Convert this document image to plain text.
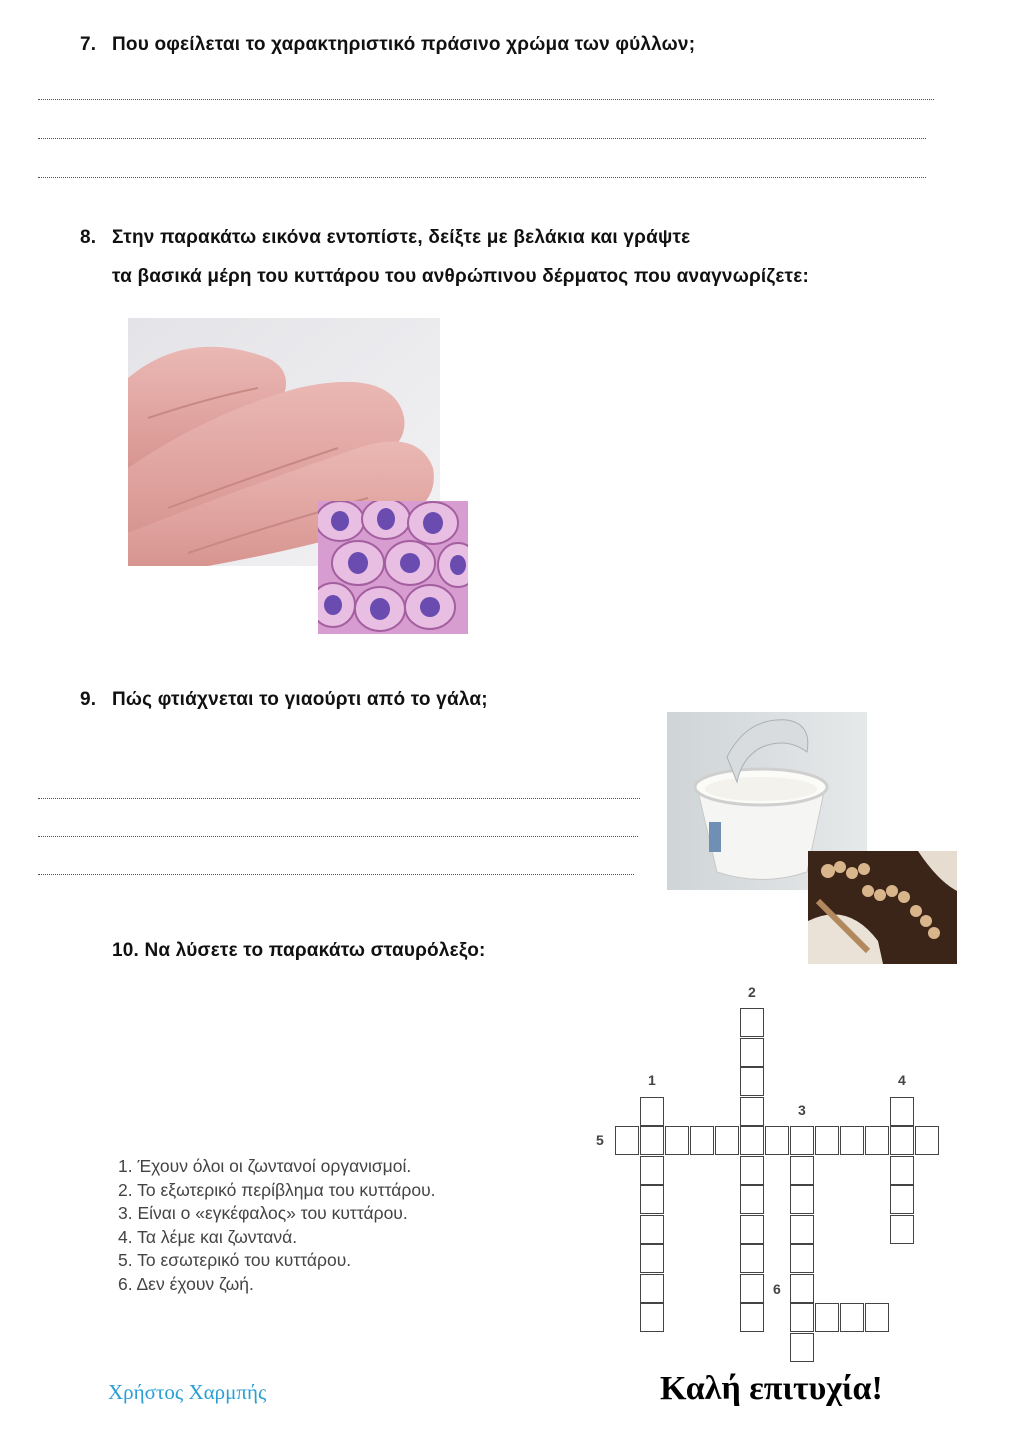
7. Που οφείλεται το χαρακτηριστικό πράσινο χρώμα των φύλλων;
8. Στην παρακάτω εικόνα εντοπίστε, δείξτε με βελάκια και γράψτε
τα βασικά μέρη του κυττάρου του ανθρώπινου δέρματος που αναγνωρίζετε:
9. Πώς φτιάχνεται το γιαούρτι από το γάλα;
10. Να λύσετε το παρακάτω σταυρόλεξο:
1. Έχουν όλοι οι ζωντανοί οργανισμοί.
2. Το εξωτερικό περίβλημα του κυττάρου.
3. Είναι ο «εγκέφαλος» του κυττάρου.
4. Τα λέμε και ζωντανά.
5. Το εσωτερικό του κυττάρου.
6. Δεν έχουν ζωή.
2
1	4
3
5
6
Χρήστος Χαρμπής	Καλή επιτυχία!
